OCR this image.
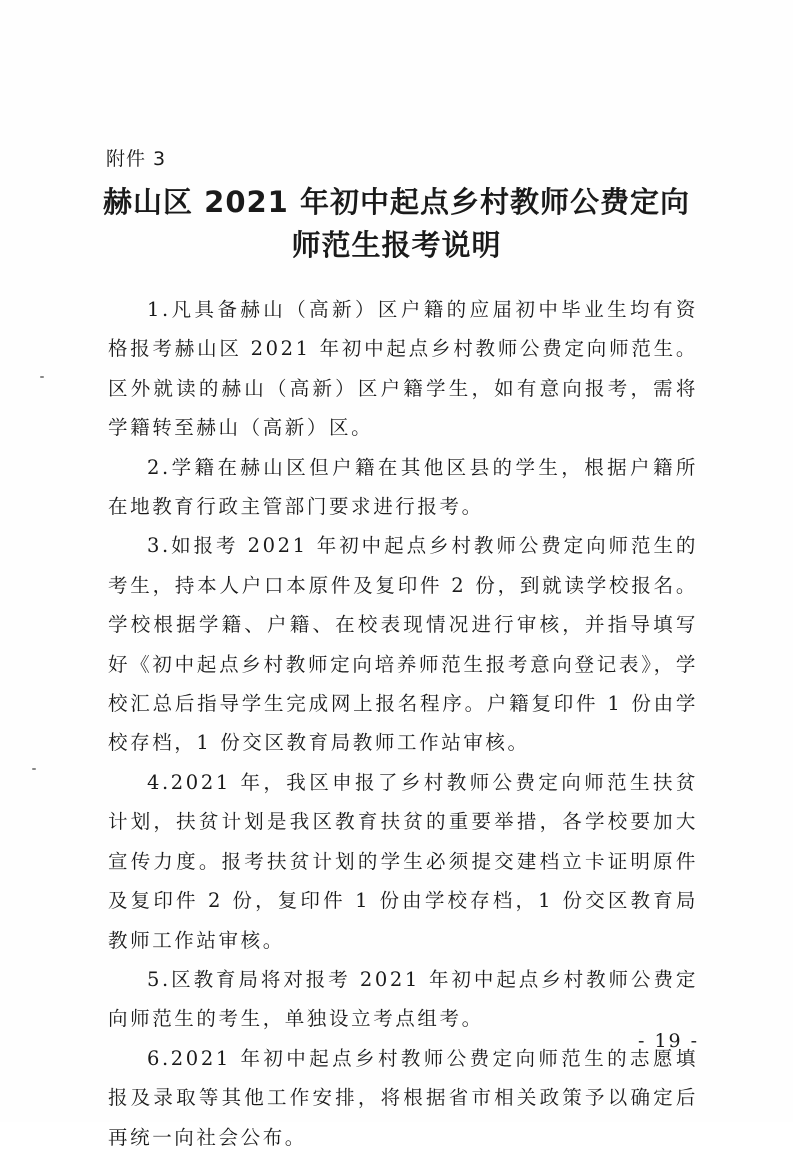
附件 3
赫山区 2021 年初中起点乡村教师公费定向
师范生报考说明

1.凡具备赫山（高新）区户籍的应届初中毕业生均有资格报考赫山区 2021 年初中起点乡村教师公费定向师范生。区外就读的赫山（高新）区户籍学生，如有意向报考，需将学籍转至赫山（高新）区。

2.学籍在赫山区但户籍在其他区县的学生，根据户籍所在地教育行政主管部门要求进行报考。

3.如报考 2021 年初中起点乡村教师公费定向师范生的考生，持本人户口本原件及复印件 2 份，到就读学校报名。学校根据学籍、户籍、在校表现情况进行审核，并指导填写好《初中起点乡村教师定向培养师范生报考意向登记表》，学校汇总后指导学生完成网上报名程序。户籍复印件 1 份由学校存档，1 份交区教育局教师工作站审核。

4.2021 年，我区申报了乡村教师公费定向师范生扶贫计划，扶贫计划是我区教育扶贫的重要举措，各学校要加大宣传力度。报考扶贫计划的学生必须提交建档立卡证明原件及复印件 2 份，复印件 1 份由学校存档，1 份交区教育局教师工作站审核。

5.区教育局将对报考 2021 年初中起点乡村教师公费定向师范生的考生，单独设立考点组考。

6.2021 年初中起点乡村教师公费定向师范生的志愿填报及录取等其他工作安排，将根据省市相关政策予以确定后再统一向社会公布。

- 19 -
